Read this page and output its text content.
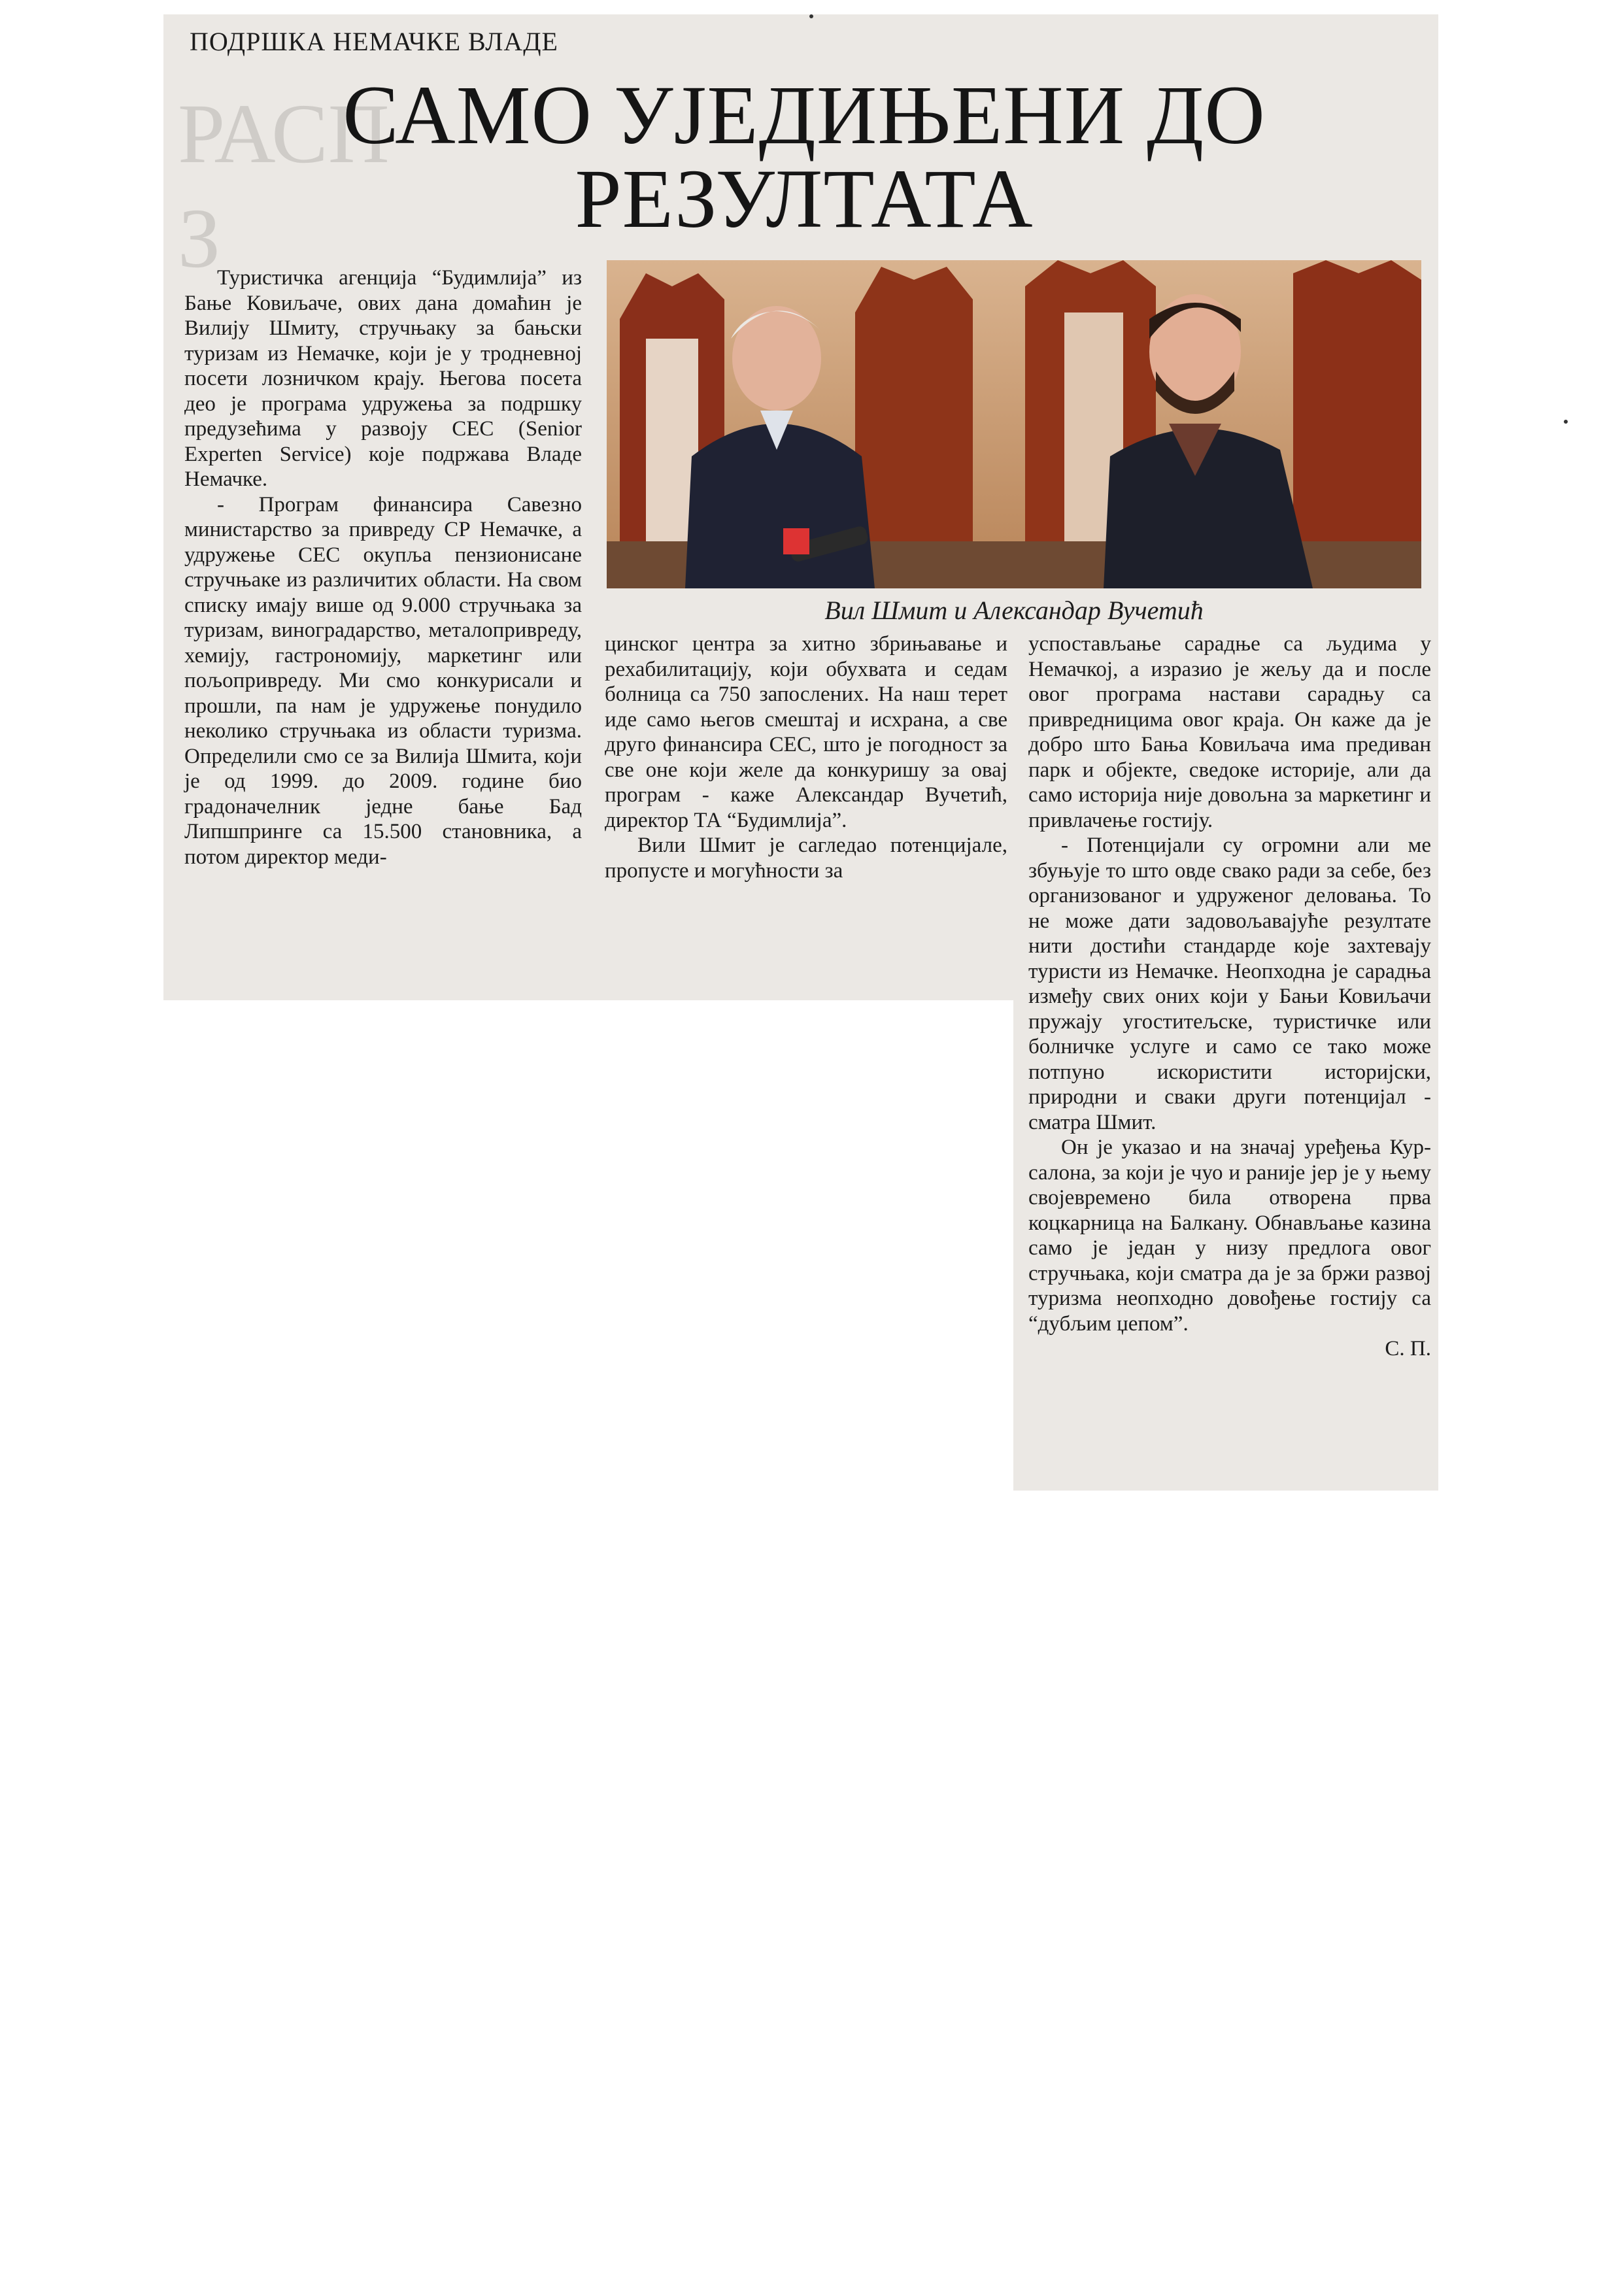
РАСП
З
ПОДРШКА НЕМАЧКЕ ВЛАДЕ
САМО УЈЕДИЊЕНИ ДО
РЕЗУЛТАТА

Туристичка агенција “Будимлија” из Бање Ковиљаче, ових дана домаћин је Вилију Шмиту, стручњаку за бањски туризам из Немачке, који је у тродневној посети лозничком крају. Његова посета део је програма удружења за подршку предузећима у развоју СЕС (Senior Experten Service) које подржава Владе Немачке.

- Програм финансира Савезно министарство за привреду СР Немачке, а удружење СЕС окупља пензионисане стручњаке из различитих области. На свом списку имају више од 9.000 стручњака за туризам, виноградарство, металопривреду, хемију, гастрономију, маркетинг или пољопривреду. Ми смо конкурисали и прошли, па нам је удружење понудило неколико стручњака из области туризма. Определили смо се за Вилија Шмита, који је од 1999. до 2009. године био градоначелник једне бање Бад Липшпринге са 15.500 становника, а потом директор меди-

Вил Шмит и Александар Вучетић

цинског центра за хитно збрињавање и рехабилитацију, који обухвата и седам болница са 750 запослених. На наш терет иде само његов смештај и исхрана, а све друго финансира СЕС, што је погодност за све оне који желе да конкуришу за овај програм - каже Александар Вучетић, директор ТА “Будимлија”.

Вили Шмит је сагледао потенцијале, пропусте и могућности за

успостављање сарадње са људима у Немачкој, а изразио је жељу да и после овог програма настави сарадњу са привредницима овог краја. Он каже да је добро што Бања Ковиљача има предиван парк и објекте, сведоке историје, али да само историја није довољна за маркетинг и привлачење гостију.

- Потенцијали су огромни али ме збуњује то што овде свако ради за себе, без организованог и удруженог деловања. То не може дати задовољавајуће резултате нити достићи стандарде које захтевају туристи из Немачке. Неопходна је сарадња између свих оних који у Бањи Ковиљачи пружају угоститељске, туристичке или болничке услуге и само се тако може потпуно искористити историјски, природни и сваки други потенцијал - сматра Шмит.

Он је указао и на значај уређења Кур-салона, за који је чуо и раније јер је у њему својевремено била отворена прва коцкарница на Балкану. Обнављање казина само је један у низу предлога овог стручњака, који сматра да је за бржи развој туризма неопходно довођење гостију са “дубљим џепом”.

С. П.
